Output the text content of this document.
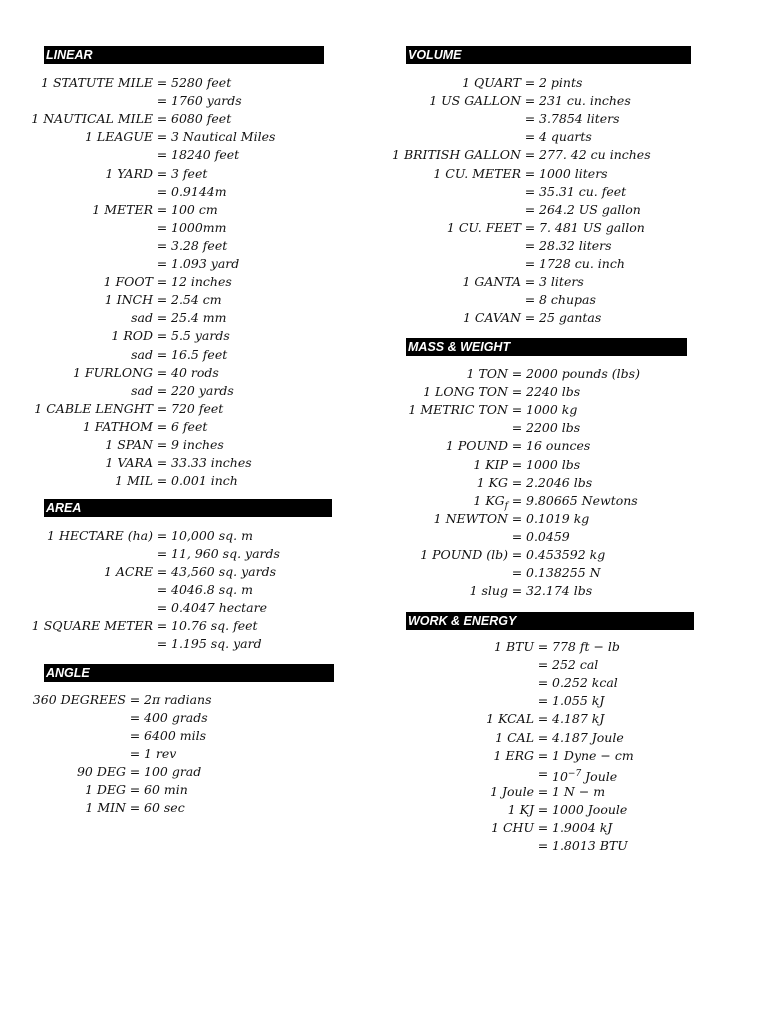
LINEAR
1 STATUTE MILE = 5280 feet
= 1760 yards
1 NAUTICAL MILE = 6080 feet
1 LEAGUE = 3 Nautical Miles
= 18240 feet
1 YARD = 3 feet
= 0.9144m
1 METER = 100 cm
= 1000mm
= 3.28 feet
= 1.093 yard
1 FOOT = 12 inches
1 INCH = 2.54 cm
sad = 25.4 mm
1 ROD = 5.5 yards
sad = 16.5 feet
1 FURLONG = 40 rods
sad = 220 yards
1 CABLE LENGHT = 720 feet
1 FATHOM = 6 feet
1 SPAN = 9 inches
1 VARA = 33.33 inches
1 MIL = 0.001 inch
AREA
1 HECTARE (ha) = 10,000 sq. m
= 11, 960 sq. yards
1 ACRE = 43,560 sq. yards
= 4046.8 sq. m
= 0.4047 hectare
1 SQUARE METER = 10.76 sq. feet
= 1.195 sq. yard
ANGLE
360 DEGREES = 2π radians
= 400 grads
= 6400 mils
= 1 rev
90 DEG = 100 grad
1 DEG = 60 min
1 MIN = 60 sec
VOLUME
1 QUART = 2 pints
1 US GALLON = 231 cu. inches
= 3.7854 liters
= 4 quarts
1 BRITISH GALLON = 277. 42 cu inches
1 CU. METER = 1000 liters
= 35.31 cu. feet
= 264.2 US gallon
1 CU. FEET = 7. 481 US gallon
= 28.32 liters
= 1728 cu. inch
1 GANTA = 3 liters
= 8 chupas
1 CAVAN = 25 gantas
MASS & WEIGHT
1 TON = 2000 pounds (lbs)
1 LONG TON = 2240 lbs
1 METRIC TON = 1000 kg
= 2200 lbs
1 POUND = 16 ounces
1 KIP = 1000 lbs
1 KG = 2.2046 lbs
1 $KG_f = 9.80665$ Newtons
1 NEWTON = 0.1019 kg
= 0.0459
1 POUND (lb) = 0.453592 kg
= 0.138255 N
1 slug = 32.174 lbs
WORK & ENERGY
1 BTU = 778 ft − lb
= 252 cal
= 0.252 kcal
= 1.055 kJ
1 KCAL = 4.187 kJ
1 CAL = 4.187 Joule
1 ERG = 1 Dyne − cm
= $10^{-7}$ Joule
1 Joule = 1 N − m
1 KJ = 1000 Jooule
1 CHU = 1.9004 kJ
= 1.8013 BTU
